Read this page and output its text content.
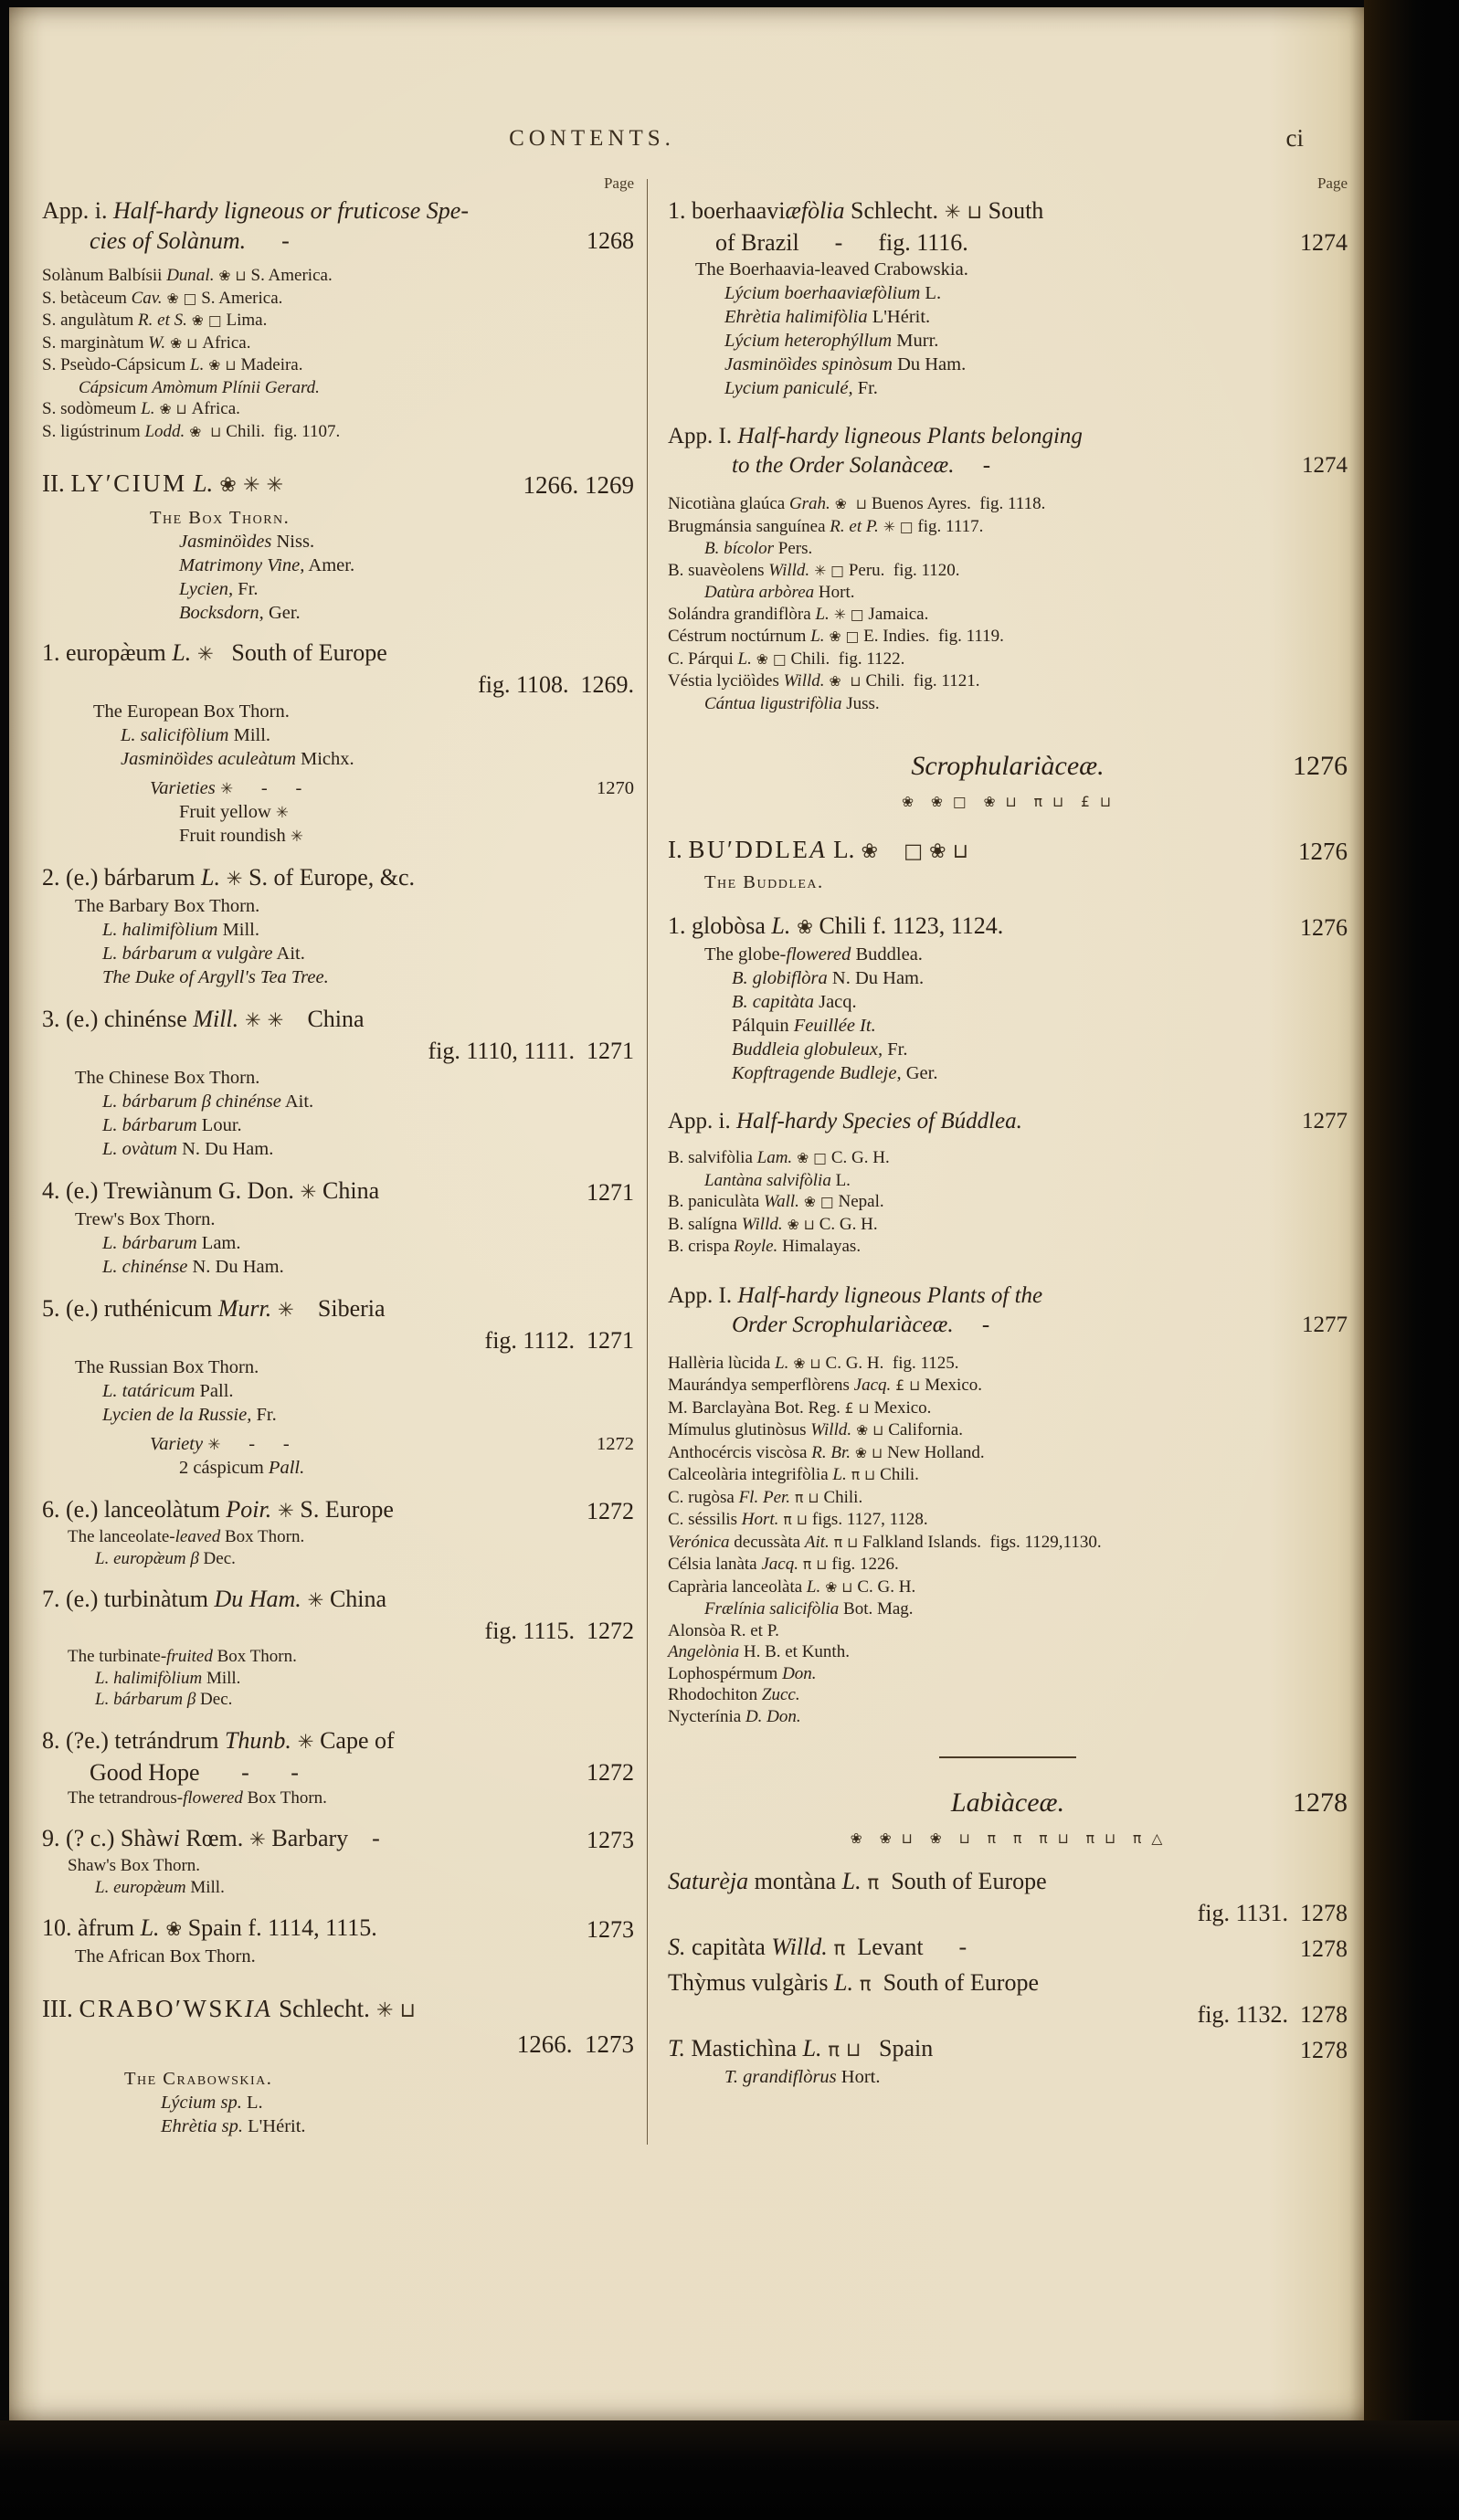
CONTENTS.	ci
Page
App. i. Half-hardy ligneous or fruticose Spe-
cies of Solànum.      -	1268
Solànum Balbísii Dunal. ❀ ⊔ S. America.
S. betàceum Cav. ❀ □ S. America.
S. angulàtum R. et S. ❀ □ Lima.
S. marginàtum W. ❀ ⊔ Africa.
S. Pseùdo-Cápsicum L. ❀ ⊔ Madeira.
Cápsicum Amòmum Plínii Gerard.
S. sodòmeum L. ❀ ⊔ Africa.
S. ligústrinum Lodd. ❀  ⊔ Chili.  fig. 1107.
II. LY′CIUM L. ❀ ✳ ✳	1266. 1269
The Box Thorn.
Jasminöìdes Niss.
Matrimony Vine, Amer.
Lycien, Fr.
Bocksdorn, Ger.
1. europæ̀um L. ✳   South of Europe
fig. 1108.  1269.
The European Box Thorn.
L. salicifòlium Mill.
Jasminöìdes aculeàtum Michx.
Varieties ✳      -      ‐	1270
Fruit yellow ✳
Fruit roundish ✳
2. (e.) bárbarum L. ✳ S. of Europe, &c.
The Barbary Box Thorn.
L. halimifòlium Mill.
L. bárbarum α vulgàre Ait.
The Duke of Argyll's Tea Tree.
3. (e.) chinénse Mill. ✳ ✳    China
fig. 1110, 1111.  1271
The Chinese Box Thorn.
L. bárbarum β chinénse Ait.
L. bárbarum Lour.
L. ovàtum N. Du Ham.
4. (e.) Trewiànum G. Don. ✳ China	1271
Trew's Box Thorn.
L. bárbarum Lam.
L. chinénse N. Du Ham.
5. (e.) ruthénicum Murr. ✳    Siberia
fig. 1112.  1271
The Russian Box Thorn.
L. tatáricum Pall.
Lycien de la Russie, Fr.
Variety ✳      -      -	1272
2 cáspicum Pall.
6. (e.) lanceolàtum Poir. ✳ S. Europe	1272
The lanceolate-leaved Box Thorn.
L. europæ̀um β Dec.
7. (e.) turbinàtum Du Ham. ✳ China
fig. 1115.  1272
The turbinate-fruited Box Thorn.
L. halimifòlium Mill.
L. bárbarum β Dec.
8. (?e.) tetrándrum Thunb. ✳ Cape of
Good Hope       -       -	1272
The tetrandrous-flowered Box Thorn.
9. (? c.) Shàwi Rœm. ✳ Barbary    -	1273
Shaw's Box Thorn.
L. europæ̀um Mill.
10. àfrum L. ❀ Spain f. 1114, 1115.	1273
The African Box Thorn.
III. CRABO′WSKIA Schlecht. ✳ ⊔
1266.  1273
The Crabowskia.
Lýcium sp. L.
Ehrètia sp. L'Hérit.
Page
1. boerhaaviæfòlia Schlecht. ✳ ⊔ South
of Brazil      -      fig. 1116.	1274
The Boerhaavia-leaved Crabowskia.
Lýcium boerhaaviæfòlium L.
Ehrètia halimifòlia L'Hérit.
Lýcium heterophýllum Murr.
Jasminöìdes spinòsum Du Ham.
Lycium paniculé, Fr.
App. I. Half-hardy ligneous Plants belonging
to the Order Solanàceæ.     -	1274
Nicotiàna glaúca Grah. ❀  ⊔ Buenos Ayres.  fig. 1118.
Brugmánsia sanguínea R. et P. ✳ □ fig. 1117.
B. bícolor Pers.
B. suavèolens Willd. ✳ □ Peru.  fig. 1120.
Datùra arbòrea Hort.
Solándra grandiflòra L. ✳ □ Jamaica.
Céstrum noctúrnum L. ❀ □ E. Indies.  fig. 1119.
C. Párqui L. ❀ □ Chili.  fig. 1122.
Véstia lyciöìdes Willd. ❀  ⊔ Chili.  fig. 1121.
Cántua ligustrifòlia Juss.
Scrophulariàceæ.	1276
❀  ❀ □  ❀ ⊔  π ⊔  £ ⊔
I. BU′DDLEA L. ❀    □ ❀ ⊔	1276
The Buddlea.
1. globòsa L. ❀ Chili f. 1123, 1124.	1276
The globe-flowered Buddlea.
B. globiflòra N. Du Ham.
B. capitàta Jacq.
Pálquin Feuillée It.
Buddleia globuleux, Fr.
Kopftragende Budleje, Ger.
App. i. Half-hardy Species of Búddlea.	1277
B. salvifòlia Lam. ❀ □ C. G. H.
Lantàna salvifòlia L.
B. paniculàta Wall. ❀ □ Nepal.
B. salígna Willd. ❀ ⊔ C. G. H.
B. crispa Royle. Himalayas.
App. I. Half-hardy ligneous Plants of the
Order Scrophulariàceæ.     -	1277
Hallèria lùcida L. ❀ ⊔ C. G. H.  fig. 1125.
Maurándya semperflòrens Jacq. £ ⊔ Mexico.
M. Barclayàna Bot. Reg. £ ⊔ Mexico.
Mímulus glutinòsus Willd. ❀ ⊔ California.
Anthocércis viscòsa R. Br. ❀ ⊔ New Holland.
Calceolària integrifòlia L. π ⊔ Chili.
C. rugòsa Fl. Per. π ⊔ Chili.
C. séssilis Hort. π ⊔ figs. 1127, 1128.
Verónica decussàta Ait. π ⊔ Falkland Islands.  figs. 1129,1130.
Célsia lanàta Jacq. π ⊔ fig. 1226.
Caprària lanceolàta L. ❀ ⊔ C. G. H.
Frælínia salicifòlia Bot. Mag.
Alonsòa R. et P.
Angelònia H. B. et Kunth.
Lophospérmum Don.
Rhodochiton Zucc.
Nycterínia D. Don.
Labiàceæ.	1278
❀  ❀ ⊔  ❀  ⊔  π  π  π ⊔  π ⊔  π △
Saturèja montàna L. π  South of Europe
fig. 1131.  1278
S. capitàta Willd. π  Levant      -	1278
Thỳmus vulgàris L. π  South of Europe
fig. 1132.  1278
T. Mastichìna L. π ⊔   Spain	1278
T. grandiflòrus Hort.
